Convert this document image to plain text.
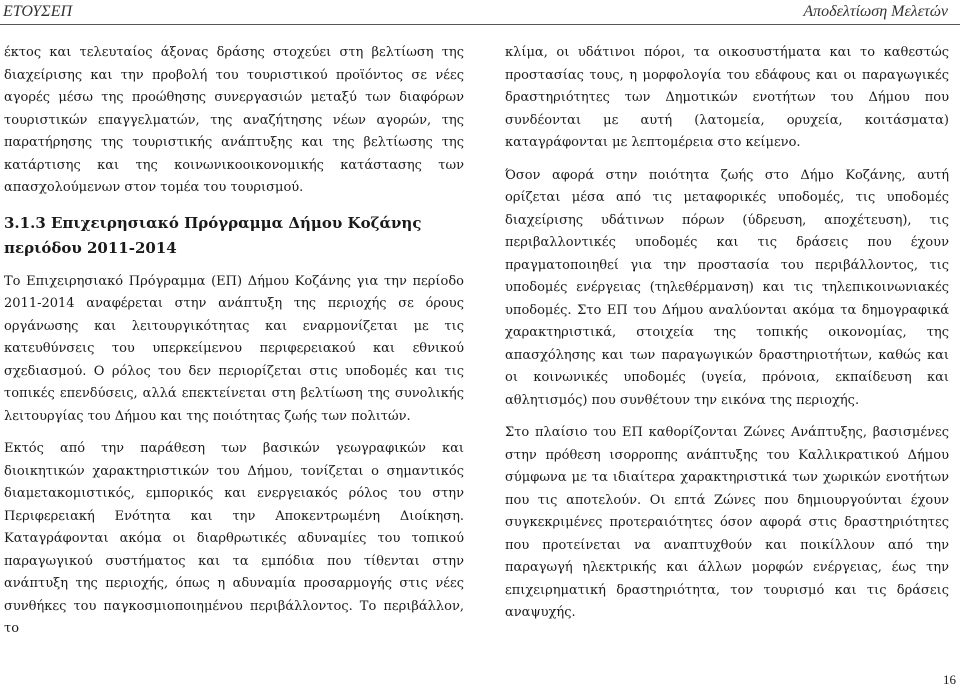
ΕΤΟΥΣΕΠ	Αποδελτίωση Μελετών

έκτος και τελευταίος άξονας δράσης στοχεύει στη βελτίωση της διαχείρισης και την προβολή του τουριστικού προϊόντος σε νέες αγορές μέσω της προώθησης συνεργασιών μεταξύ των διαφόρων τουριστικών επαγγελματών, της αναζήτησης νέων αγορών, της παρατήρησης της τουριστικής ανάπτυξης και της βελτίωσης της κατάρτισης και της κοινωνικοοικονομικής κατάστασης των απασχολούμενων στον τομέα του τουρισμού.

3.1.3 Επιχειρησιακό Πρόγραμμα Δήμου Κοζάνης περιόδου 2011-2014

Το Επιχειρησιακό Πρόγραμμα (ΕΠ) Δήμου Κοζάνης για την περίοδο 2011-2014 αναφέρεται στην ανάπτυξη της περιοχής σε όρους οργάνωσης και λειτουργικότητας και εναρμονίζεται με τις κατευθύνσεις του υπερκείμενου περιφερειακού και εθνικού σχεδιασμού. Ο ρόλος του δεν περιορίζεται στις υποδομές και τις τοπικές επενδύσεις, αλλά επεκτείνεται στη βελτίωση της συνολικής λειτουργίας του Δήμου και της ποιότητας ζωής των πολιτών.

Εκτός από την παράθεση των βασικών γεωγραφικών και διοικητικών χαρακτηριστικών του Δήμου, τονίζεται ο σημαντικός διαμετακομιστικός, εμπορικός και ενεργειακός ρόλος του στην Περιφερειακή Ενότητα και την Αποκεντρωμένη Διοίκηση. Καταγράφονται ακόμα οι διαρθρωτικές αδυναμίες του τοπικού παραγωγικού συστήματος και τα εμπόδια που τίθενται στην ανάπτυξη της περιοχής, όπως η αδυναμία προσαρμογής στις νέες συνθήκες του παγκοσμιοποιημένου περιβάλλοντος. Το περιβάλλον, το

κλίμα, οι υδάτινοι πόροι, τα οικοσυστήματα και το καθεστώς προστασίας τους, η μορφολογία του εδάφους και οι παραγωγικές δραστηριότητες των Δημοτικών ενοτήτων του Δήμου που συνδέονται με αυτή (λατομεία, ορυχεία, κοιτάσματα) καταγράφονται με λεπτομέρεια στο κείμενο.

Όσον αφορά στην ποιότητα ζωής στο Δήμο Κοζάνης, αυτή ορίζεται μέσα από τις μεταφορικές υποδομές, τις υποδομές διαχείρισης υδάτινων πόρων (ύδρευση, αποχέτευση), τις περιβαλλοντικές υποδομές και τις δράσεις που έχουν πραγματοποιηθεί για την προστασία του περιβάλλοντος, τις υποδομές ενέργειας (τηλεθέρμανση) και τις τηλεπικοινωνιακές υποδομές. Στο ΕΠ του Δήμου αναλύονται ακόμα τα δημογραφικά χαρακτηριστικά, στοιχεία της τοπικής οικονομίας, της απασχόλησης και των παραγωγικών δραστηριοτήτων, καθώς και οι κοινωνικές υποδομές (υγεία, πρόνοια, εκπαίδευση και αθλητισμός) που συνθέτουν την εικόνα της περιοχής.

Στο πλαίσιο του ΕΠ καθορίζονται Ζώνες Ανάπτυξης, βασισμένες στην πρόθεση ισορροπης ανάπτυξης του Καλλικρατικού Δήμου σύμφωνα με τα ιδιαίτερα χαρακτηριστικά των χωρικών ενοτήτων που τις αποτελούν. Οι επτά Ζώνες που δημιουργούνται έχουν συγκεκριμένες προτεραιότητες όσον αφορά στις δραστηριότητες που προτείνεται να αναπτυχθούν και ποικίλλουν από την παραγωγή ηλεκτρικής και άλλων μορφών ενέργειας, έως την επιχειρηματική δραστηριότητα, τον τουρισμό και τις δράσεις αναψυχής.

16
